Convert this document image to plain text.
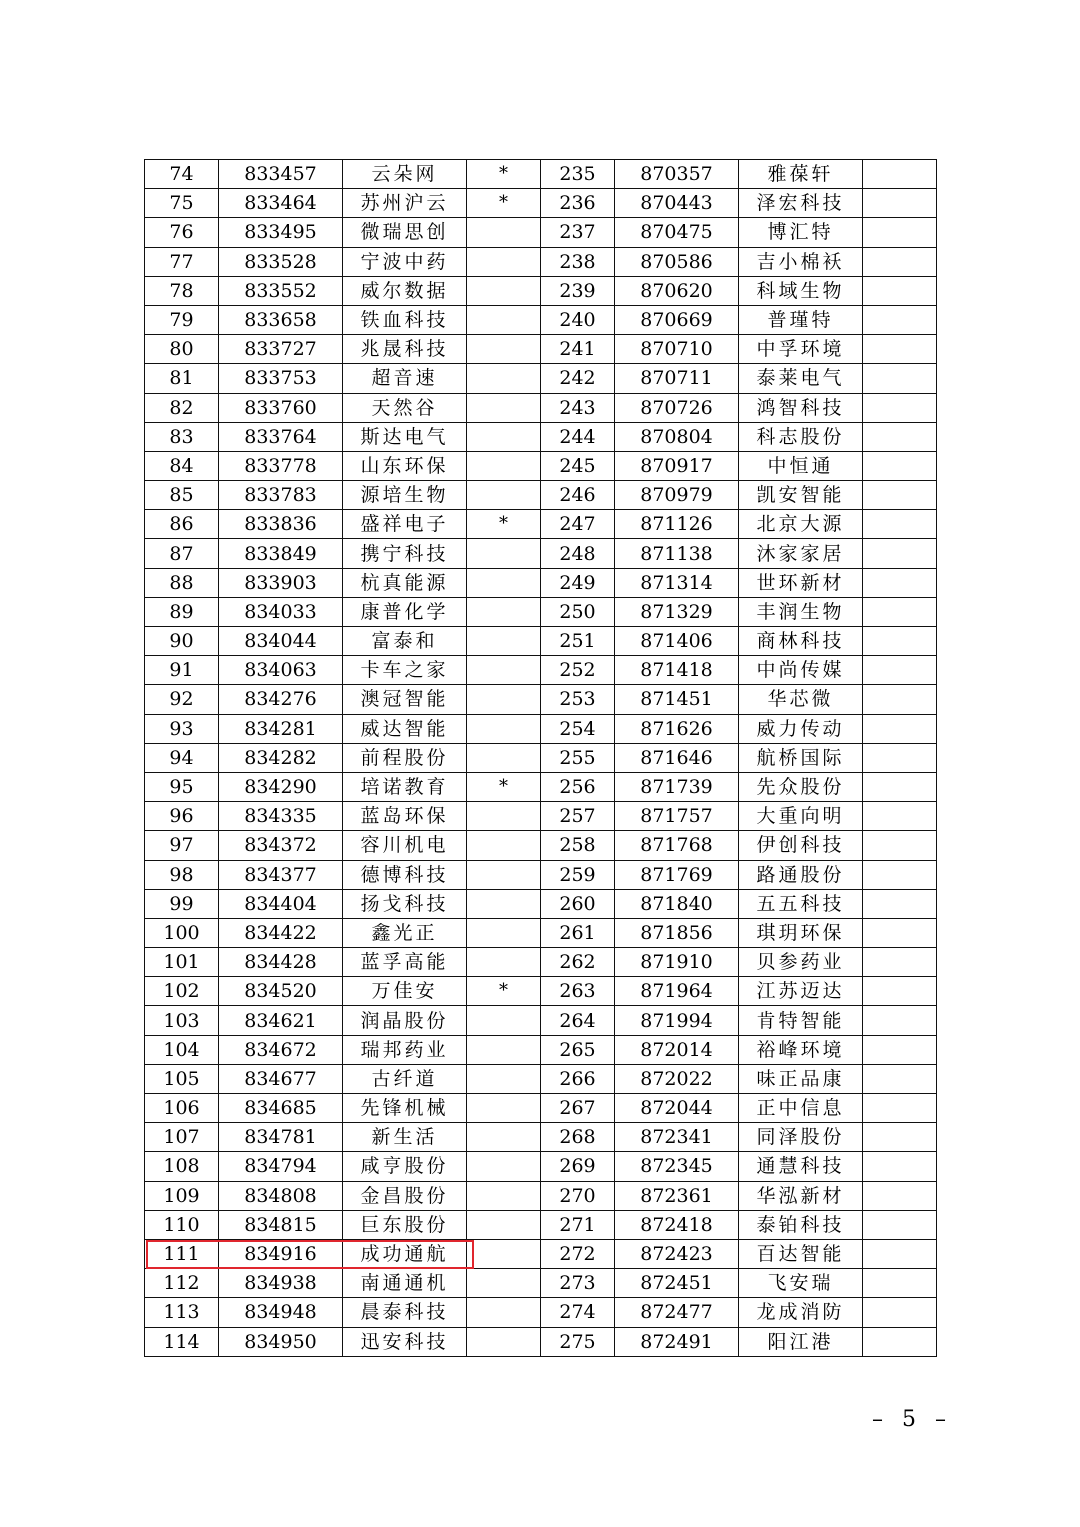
74	833457	云朵网	*	235	870357	雅葆轩	
75	833464	苏州沪云	*	236	870443	泽宏科技	
76	833495	微瑞思创		237	870475	博汇特	
77	833528	宁波中药		238	870586	吉小棉袄	
78	833552	威尔数据		239	870620	科域生物	
79	833658	铁血科技		240	870669	普瑾特	
80	833727	兆晟科技		241	870710	中孚环境	
81	833753	超音速		242	870711	泰莱电气	
82	833760	天然谷		243	870726	鸿智科技	
83	833764	斯达电气		244	870804	科志股份	
84	833778	山东环保		245	870917	中恒通	
85	833783	源培生物		246	870979	凯安智能	
86	833836	盛祥电子	*	247	871126	北京大源	
87	833849	携宁科技		248	871138	沐家家居	
88	833903	杭真能源		249	871314	世环新材	
89	834033	康普化学		250	871329	丰润生物	
90	834044	富泰和		251	871406	商林科技	
91	834063	卡车之家		252	871418	中尚传媒	
92	834276	澳冠智能		253	871451	华芯微	
93	834281	威达智能		254	871626	威力传动	
94	834282	前程股份		255	871646	航桥国际	
95	834290	培诺教育	*	256	871739	先众股份	
96	834335	蓝岛环保		257	871757	大重向明	
97	834372	容川机电		258	871768	伊创科技	
98	834377	德博科技		259	871769	路通股份	
99	834404	扬戈科技		260	871840	五五科技	
100	834422	鑫光正		261	871856	琪玥环保	
101	834428	蓝孚高能		262	871910	贝参药业	
102	834520	万佳安	*	263	871964	江苏迈达	
103	834621	润晶股份		264	871994	肯特智能	
104	834672	瑞邦药业		265	872014	裕峰环境	
105	834677	古纤道		266	872022	味正品康	
106	834685	先锋机械		267	872044	正中信息	
107	834781	新生活		268	872341	同泽股份	
108	834794	咸亨股份		269	872345	通慧科技	
109	834808	金昌股份		270	872361	华泓新材	
110	834815	巨东股份		271	872418	泰铂科技	
111	834916	成功通航		272	872423	百达智能	
112	834938	南通通机		273	872451	飞安瑞	
113	834948	晨泰科技		274	872477	龙成消防	
114	834950	迅安科技		275	872491	阳江港	
– 5 –
